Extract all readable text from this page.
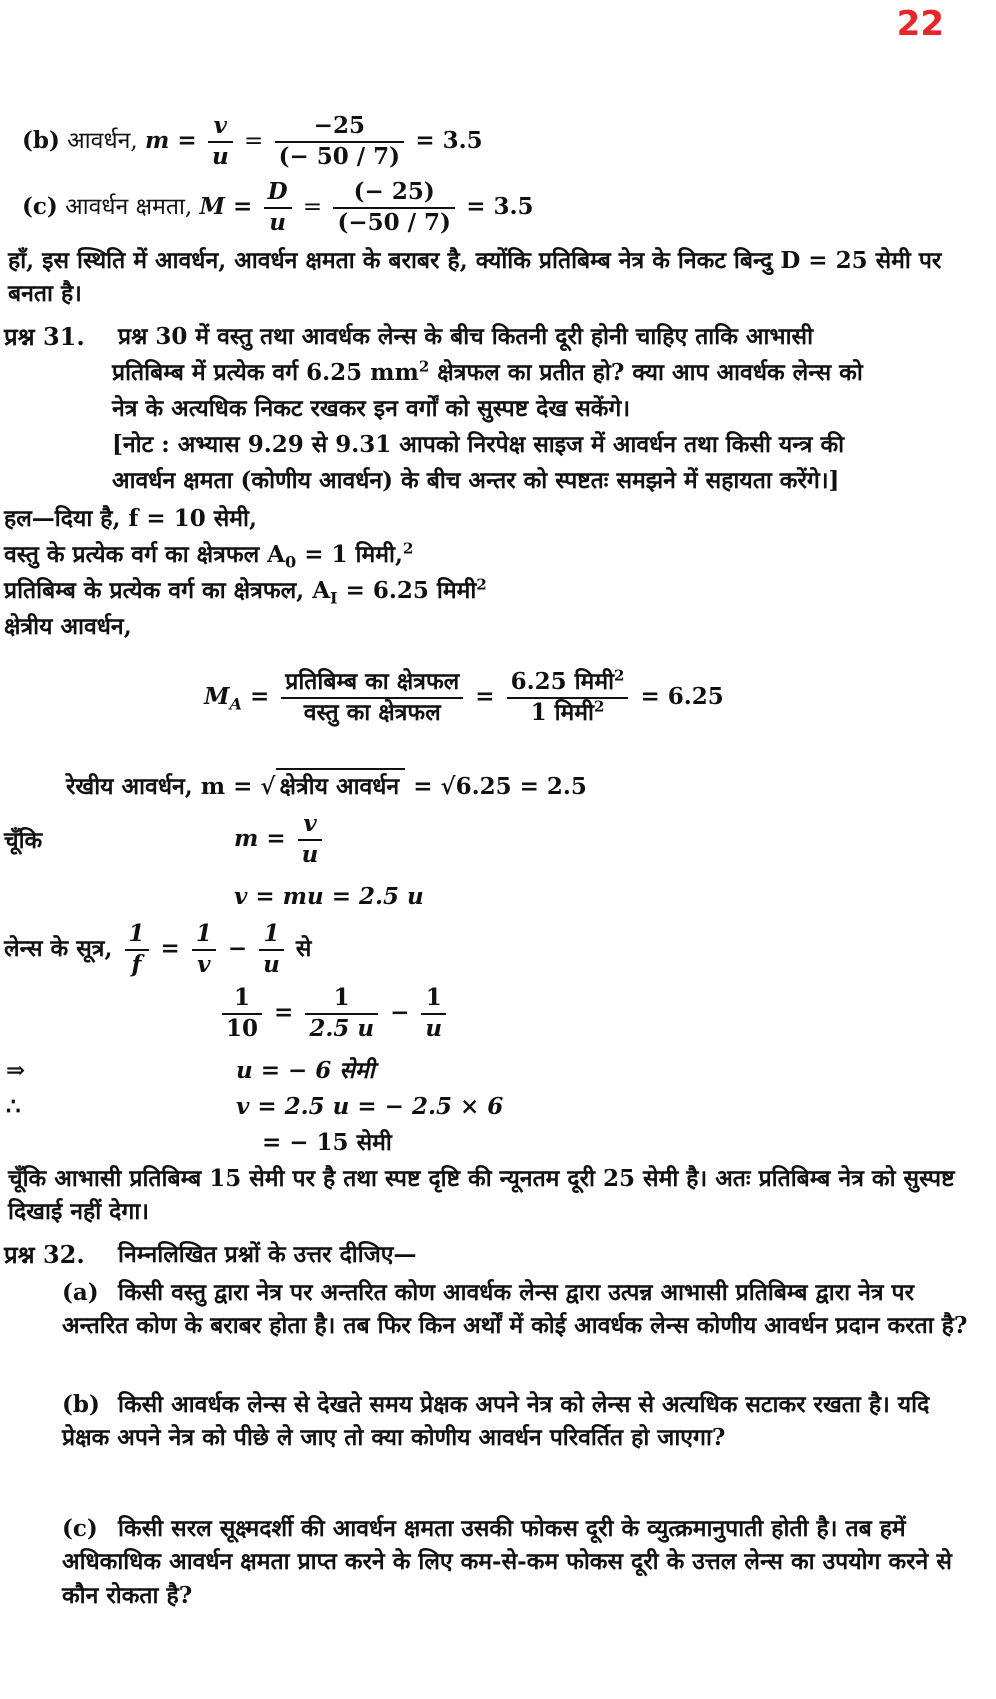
22
(b) आवर्धन, $m = \frac{v}{u} = \frac{-25}{(- 50 / 7)} = 3.5$
(c) आवर्धन क्षमता, $M = \frac{D}{u} = \frac{(- 25)}{(-50 / 7)} = 3.5$
हाँ, इस स्थिति में आवर्धन, आवर्धन क्षमता के बराबर है, क्योंकि प्रतिबिम्ब नेत्र के निकट बिन्दु D = 25 सेमी पर बनता है।
प्रश्न 31. प्रश्न 30 में वस्तु तथा आवर्धक लेन्स के बीच कितनी दूरी होनी चाहिए ताकि आभासी
प्रतिबिम्ब में प्रत्येक वर्ग 6.25 $mm^2$ क्षेत्रफल का प्रतीत हो? क्या आप आवर्धक लेन्स को
नेत्र के अत्यधिक निकट रखकर इन वर्गों को सुस्पष्ट देख सकेंगे।
[नोट : अभ्यास 9.29 से 9.31 आपको निरपेक्ष साइज में आवर्धन तथा किसी यन्त्र की
आवर्धन क्षमता (कोणीय आवर्धन) के बीच अन्तर को स्पष्टतः समझने में सहायता करेंगे।]
हल—दिया है, f = 10 सेमी,
वस्तु के प्रत्येक वर्ग का क्षेत्रफल $A_0 = 1$ मिमी,$^2$
प्रतिबिम्ब के प्रत्येक वर्ग का क्षेत्रफल, $A_I = 6.25$ मिमी$^2$
क्षेत्रीय आवर्धन,
$M_A = \frac{\text{प्रतिबिम्ब का क्षेत्रफल}}{\text{वस्तु का क्षेत्रफल}} = \frac{6.25 मिमी^2}{1 मिमी^2} = 6.25$
रेखीय आवर्धन, m = √ क्षेत्रीय आवर्धन = √6.25 = 2.5
चूँकि	$m = \frac{v}{u}$
v = mu = 2.5 u
लेन्स के सूत्र, $\frac{1}{f} = \frac{1}{v} - \frac{1}{u}$ से
$\frac{1}{10} = \frac{1}{2.5 u} - \frac{1}{u}$
⇒	u = − 6 सेमी
∴	v = 2.5 u = − 2.5 × 6
= − 15 सेमी
चूँकि आभासी प्रतिबिम्ब 15 सेमी पर है तथा स्पष्ट दृष्टि की न्यूनतम दूरी 25 सेमी है। अतः प्रतिबिम्ब नेत्र को सुस्पष्ट दिखाई नहीं देगा।
प्रश्न 32. निम्नलिखित प्रश्नों के उत्तर दीजिए—
(a) किसी वस्तु द्वारा नेत्र पर अन्तरित कोण आवर्धक लेन्स द्वारा उत्पन्न आभासी प्रतिबिम्ब द्वारा नेत्र पर अन्तरित कोण के बराबर होता है। तब फिर किन अर्थों में कोई आवर्धक लेन्स कोणीय आवर्धन प्रदान करता है?
(b) किसी आवर्धक लेन्स से देखते समय प्रेक्षक अपने नेत्र को लेन्स से अत्यधिक सटाकर रखता है। यदि प्रेक्षक अपने नेत्र को पीछे ले जाए तो क्या कोणीय आवर्धन परिवर्तित हो जाएगा?
(c) किसी सरल सूक्ष्मदर्शी की आवर्धन क्षमता उसकी फोकस दूरी के व्युत्क्रमानुपाती होती है। तब हमें अधिकाधिक आवर्धन क्षमता प्राप्त करने के लिए कम-से-कम फोकस दूरी के उत्तल लेन्स का उपयोग करने से कौन रोकता है?
